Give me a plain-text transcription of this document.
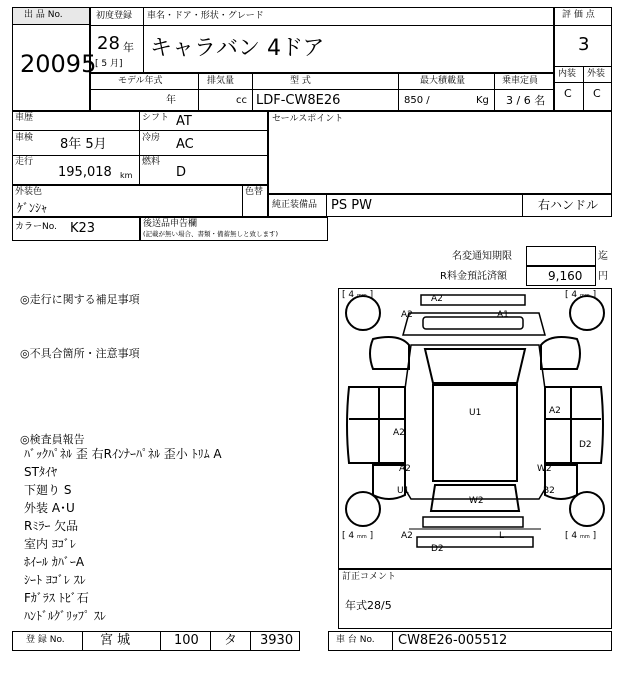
出 品 No.
20095
初度登録 車名・ドア・形状・グレード
28 年
[ 5 月]
キャラバン 4ドア
評 価 点
3
内装 外装
C C
モデル年式	排気量	型 式	最大積載量	乗車定員
年	cc LDF-CW8E26	850 /	Kg 3 / 6 名
車歴	シフト AT
車検 8年 5月	冷房 AC
走行
195,018 km
燃料
D
セールスポイント
外装色
ｹﾞﾝｼｬ
色替
純正装備品 PS PW	右ハンドル
カラーNo. K23	後送品申告欄
(記載が無い場合、書類・備蓄無しと致します)
名変通知期限	迄
R料金預託済額	9,160 円
◎走行に関する補足事項
◎不具合箇所・注意事項
◎検査員報告
ﾊﾞｯｸﾊﾟﾈﾙ 歪 右Rｲﾝﾅｰﾊﾟﾈﾙ 歪小 ﾄﾘﾑ A
STﾀｲﾔ
下廻り S
外装 A･U
Rﾐﾗｰ 欠品
室内 ﾖｺﾞﾚ
ﾎｲｰﾙ ｶﾊﾞｰA
ｼｰﾄ ﾖｺﾞﾚ ｽﾚ
Fｶﾞﾗｽ ﾄﾋﾞ石
ﾊﾝﾄﾞﾙｸﾞﾘｯﾌﾟ ｽﾚ
[ 4 mm ]	[ 4 mm ]
[ 4 mm ]	[ 4 mm ]
A2
A2	A1
U1	A2
A2
D2
A2
U1
W2
B2
W2
A2	L
D2
訂正コメント
年式28/5
登 録 No.	宮 城	100 タ 3930	車 台 No. CW8E26-005512
